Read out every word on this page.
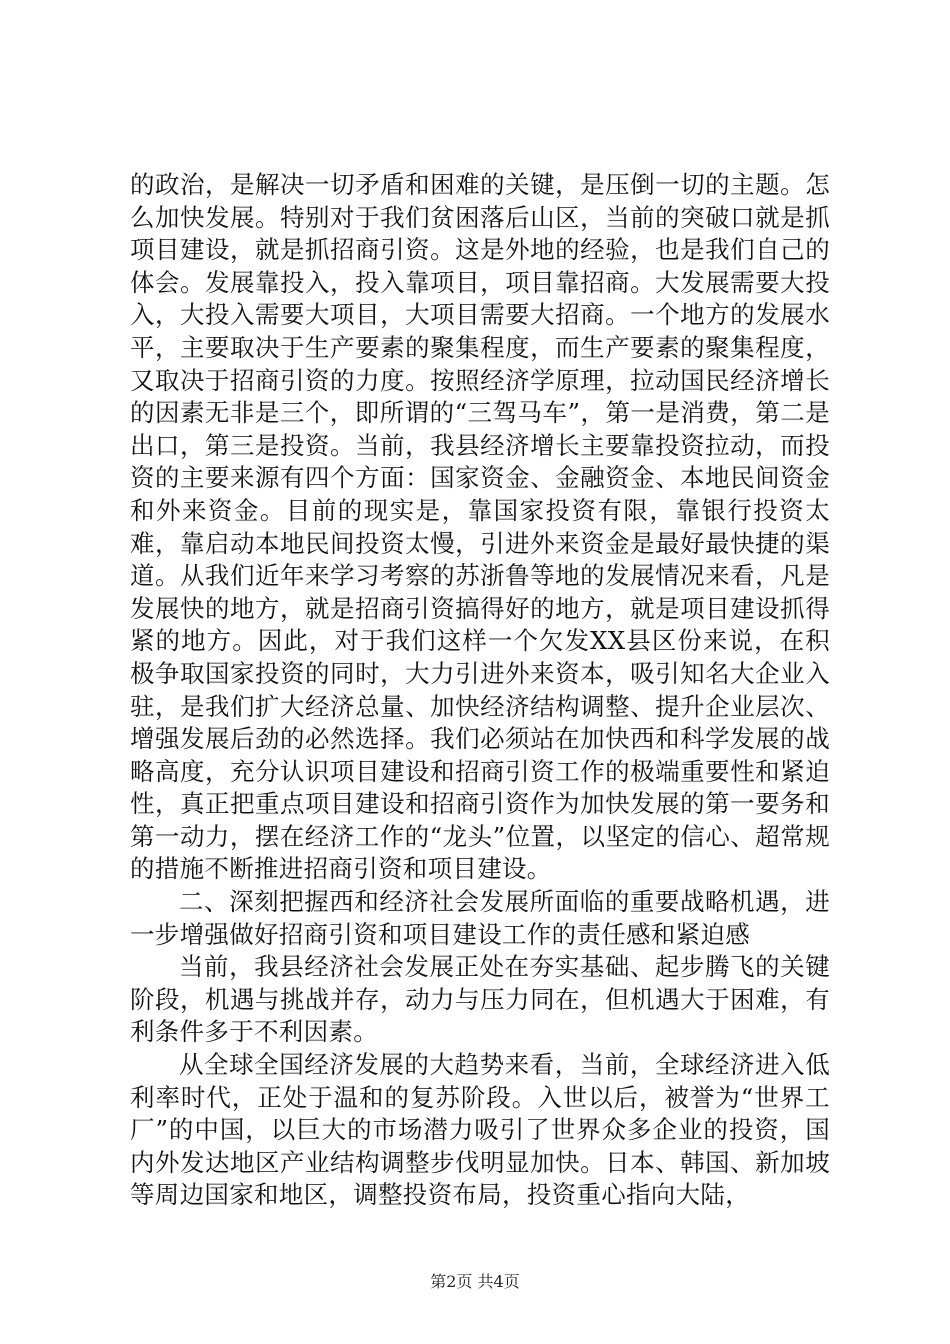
的政治，是解决一切矛盾和困难的关键，是压倒一切的主题。怎么加快发展。特别对于我们贫困落后山区，当前的突破口就是抓项目建设，就是抓招商引资。这是外地的经验，也是我们自己的体会。发展靠投入，投入靠项目，项目靠招商。大发展需要大投入，大投入需要大项目，大项目需要大招商。一个地方的发展水平，主要取决于生产要素的聚集程度，而生产要素的聚集程度，又取决于招商引资的力度。按照经济学原理，拉动国民经济增长的因素无非是三个，即所谓的“三驾马车”，第一是消费，第二是出口，第三是投资。当前，我县经济增长主要靠投资拉动，而投资的主要来源有四个方面：国家资金、金融资金、本地民间资金和外来资金。目前的现实是，靠国家投资有限，靠银行投资太难，靠启动本地民间投资太慢，引进外来资金是最好最快捷的渠道。从我们近年来学习考察的苏浙鲁等地的发展情况来看，凡是发展快的地方，就是招商引资搞得好的地方，就是项目建设抓得紧的地方。因此，对于我们这样一个欠发XX县区份来说，在积极争取国家投资的同时，大力引进外来资本，吸引知名大企业入驻，是我们扩大经济总量、加快经济结构调整、提升企业层次、增强发展后劲的必然选择。我们必须站在加快西和科学发展的战略高度，充分认识项目建设和招商引资工作的极端重要性和紧迫性，真正把重点项目建设和招商引资作为加快发展的第一要务和第一动力，摆在经济工作的“龙头”位置，以坚定的信心、超常规的措施不断推进招商引资和项目建设。

二、深刻把握西和经济社会发展所面临的重要战略机遇，进一步增强做好招商引资和项目建设工作的责任感和紧迫感

当前，我县经济社会发展正处在夯实基础、起步腾飞的关键阶段，机遇与挑战并存，动力与压力同在，但机遇大于困难，有利条件多于不利因素。

从全球全国经济发展的大趋势来看，当前，全球经济进入低利率时代，正处于温和的复苏阶段。入世以后，被誉为“世界工厂”的中国，以巨大的市场潜力吸引了世界众多企业的投资，国内外发达地区产业结构调整步伐明显加快。日本、韩国、新加坡等周边国家和地区，调整投资布局，投资重心指向大陆，

第2页 共4页
